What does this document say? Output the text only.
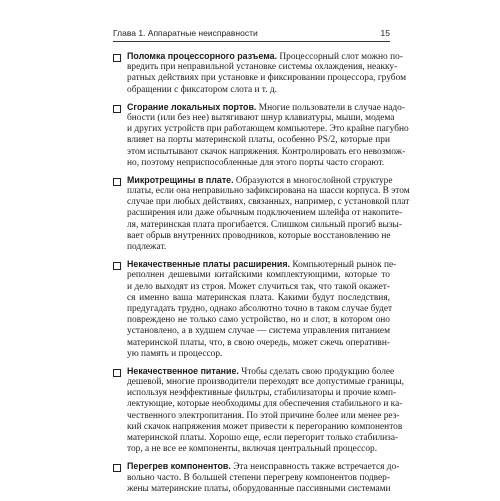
Глава 1. Аппаратные неисправности	15
Поломка процессорного разъема. Процессорный слот можно по-
вредить при неправильной установке системы охлаждения, неакку-
ратных действиях при установке и фиксировании процессора, грубом
обращении с фиксатором слота и т. д.
Сгорание локальных портов. Многие пользователи в случае надо-
бности (или без нее) вытягивают шнур клавиатуры, мыши, модема
и других устройств при работающем компьютере. Это крайне пагубно
влияет на порты материнской платы, особенно PS/2, которые при
этом испытывают скачок напряжения. Контролировать его невозмож-
но, поэтому неприспособленные для этого порты часто сгорают.
Микротрещины в плате. Образуются в многослойной структуре
платы, если она неправильно зафиксирована на шасси корпуса. В этом
случае при любых действиях, связанных, например, с установкой плат
расширения или даже обычным подключением шлейфа от накопите-
ля, материнская плата прогибается. Слишком сильный прогиб вызы-
вает обрыв внутренних проводников, которые восстановлению не
подлежат.
Некачественные платы расширения. Компьютерный рынок пе-
реполнен дешевыми китайскими комплектующими, которые то
и дело выходят из строя. Может случиться так, что такой окажет-
ся именно ваша материнская плата. Какими будут последствия,
предугадать трудно, однако абсолютно точно в таком случае будет
повреждено не только само устройство, но и слот, в котором оно
установлено, а в худшем случае — система управления питанием
материнской платы, что, в свою очередь, может сжечь оперативн-
ую память и процессор.
Некачественное питание. Чтобы сделать свою продукцию более
дешевой, многие производители переходят все допустимые границы,
используя неэффективные фильтры, стабилизаторы и прочие комп-
лектующие, которые необходимы для обеспечения стабильного и ка-
чественного электропитания. По этой причине более или менее рез-
кий скачок напряжения может привести к перегоранию компонентов
материнской платы. Хорошо еще, если перегорит только стабилиза-
тор, а не все ее компоненты, включая центральный процессор.
Перегрев компонентов. Эта неисправность также встречается до-
вольно часто. В большей степени перегреву компонентов подвер-
жены материнские платы, оборудованные пассивными системами
